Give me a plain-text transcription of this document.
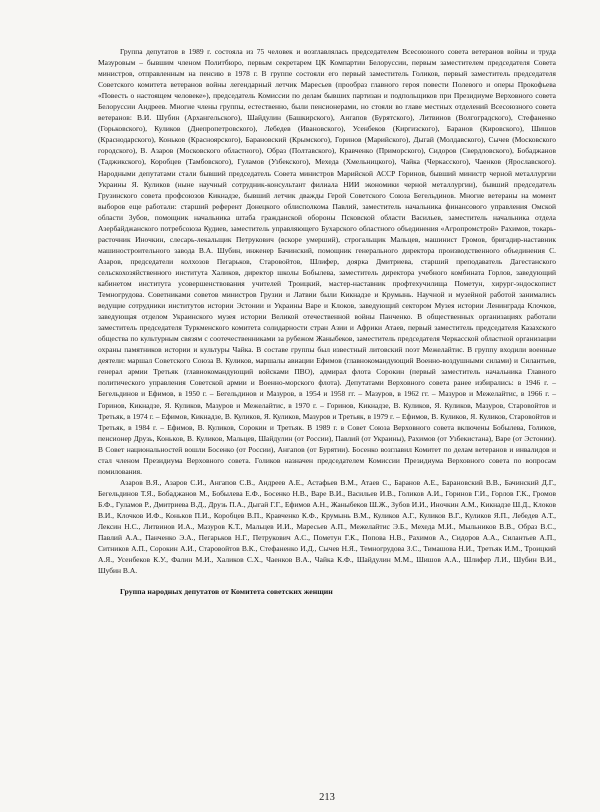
Группа депутатов в 1989 г. состояла из 75 человек и возглавлялась председателем Всесоюзного совета ветеранов войны и труда Мазуровым – бывшим членом Политбюро, первым секретарем ЦК Компартии Белоруссии, первым заместителем председателя Совета министров, отправленным на пенсию в 1978 г. В группе состояли его первый заместитель Голиков, первый заместитель председателя Советского комитета ветеранов войны легендарный летчик Маресьев (прообраз главного героя повести Полевого и оперы Прокофьева «Повесть о настоящем человеке»), председатель Комиссии по делам бывших партизан и подпольщиков при Президиуме Верховного совета Белоруссии Андреев. Многие члены группы, естественно, были пенсионерами, но стояли во главе местных отделений Всесоюзного совета ветеранов: В.И. Шубин (Архангельского), Шайдулин (Башкирского), Ангапов (Бурятского), Литвинов (Волгоградского), Стефаненко (Горьковского), Куликов (Днепропетровского), Лебедев (Ивановского), Усенбеков (Киргизского), Баранов (Кировского), Шишов (Краснодарского), Коньков (Красноярского), Барановский (Крымского), Горинов (Марийского), Дыгай (Молдавского), Сычев (Московского городского), В. Азаров (Московского областного), Образ (Полтавского), Кравченко (Приморского), Сидоров (Свердловского), Бобаджанов (Таджикского), Коробцев (Тамбовского), Гуламов (Узбекского), Мехеда (Хмельницкого), Чайка (Черкасского), Чаенков (Ярославского). Народными депутатами стали бывший председатель Совета министров Марийской АССР Горинов, бывший министр черной металлургии Украины Я. Куликов (ныне научный сотрудник-консультант филиала НИИ экономики черной металлургии), бывший председатель Грузинского совета профсоюзов Кикнадзе, бывший летчик дважды Герой Советского Союза Бегельдинов. Многие ветераны на момент выборов еще работали: старший референт Донецкого облисполкома Павлий, заместитель начальника финансового управления Омской области Зубов, помощник начальника штаба гражданской обороны Псковской области Васильев, заместитель начальника отдела Азербайджанского потребсоюза Кудиев, заместитель управляющего Бухарского областного объединения «Агропромстрой» Рахимов, токарь-расточник Иночкин, слесарь-лекальщик Петрукович (вскоре умерший), строгальщик Мальцев, машинист Громов, бригадир-наставник машиностроительного завода В.А. Шубин, инженер Бачинский, помощник генерального директора производственного объединения С. Азаров, председатели колхозов Пегарьков, Старовойтов, Шлифер, доярка Дмитриева, старший преподаватель Дагестанского сельскохозяйственного института Халиков, директор школы Бобылева, заместитель директора учебного комбината Горлов, заведующий кабинетом института усовершенствования учителей Троицкий, мастер-наставник профтехучилища Пометун, хирург-эндоскопист Темногрудова. Советниками советов министров Грузии и Латвии были Кикнадзе и Крумынь. Научной и музейной работой занимались ведущие сотрудники институтов истории Эстонии и Украины Варе и Клоков, заведующий сектором Музея истории Ленинграда Клочков, заведующая отделом Украинского музея истории Великой отечественной войны Панченко. В общественных организациях работали заместитель председателя Туркменского комитета солидарности стран Азии и Африки Атаев, первый заместитель председателя Казахского общества по культурным связям с соотечественниками за рубежом Жаныбеков, заместитель председателя Черкасской областной организации охраны памятников истории и культуры Чайка. В составе группы был известный литовский поэт Межелайтис. В группу входили военные деятели: маршал Советского Союза В. Куликов, маршалы авиации Ефимов (главнокомандующий Военно-воздушными силами) и Силантьев, генерал армии Третьяк (главнокомандующий войсками ПВО), адмирал флота Сорокин (первый заместитель начальника Главного политического управления Советской армии и Военно-морского флота). Депутатами Верховного совета ранее избирались: в 1946 г. – Бегельдинов и Ефимов, в 1950 г. – Бегельдинов и Мазуров, в 1954 и 1958 гг. – Мазуров, в 1962 гг. – Мазуров и Межелайтис, в 1966 г. – Горинов, Кикнадзе, Я. Куликов, Мазуров и Межелайтис, в 1970 г. – Горинов, Кикнадзе, В. Куликов, Я. Куликов, Мазуров, Старовойтов и Третьяк, в 1974 г. – Ефимов, Кикнадзе, В. Куликов, Я. Куликов, Мазуров и Третьяк, в 1979 г. – Ефимов, В. Куликов, Я. Куликов, Старовойтов и Третьяк, в 1984 г. – Ефимов, В. Куликов, Сорокин и Третьяк. В 1989 г. в Совет Союза Верховного совета включены Бобылева, Голиков, пенсионер Друзь, Коньков, В. Куликов, Мальцев, Шайдулин (от России), Павлий (от Украины), Рахимов (от Узбекистана), Варе (от Эстонии). В Совет национальностей вошли Босенко (от России), Ангапов (от Бурятии). Босенко возглавил Комитет по делам ветеранов и инвалидов и стал членом Президиума Верховного совета. Голиков назначен председателем Комиссии Президиума Верховного совета по вопросам помилования.

Азаров В.Я., Азаров С.И., Ангапов С.В., Андреев А.Е., Астафьев В.М., Атаев С., Баранов А.Е., Барановский В.В., Бачинский Д.Г., Бегельдинов Т.Я., Бобаджанов М., Бобылева Е.Ф., Босенко Н.В., Варе В.И., Васильев И.В., Голиков А.И., Горинов Г.И., Горлов Г.К., Громов Б.Ф., Гуламов Р., Дмитриева В.Д., Друзь П.А., Дыгай Г.Г., Ефимов А.Н., Жаныбеков Ш.Ж., Зубов И.И., Иночкин А.М., Кикнадзе Ш.Д., Клоков В.И., Клочков И.Ф., Коньков П.И., Коробцев В.П., Кравченко К.Ф., Крумынь В.М., Куликов А.Г., Куликов В.Г., Куликов Я.П., Лебедев А.Т., Лексин Н.С., Литвинов И.А., Мазуров К.Т., Мальцев И.И., Маресьев А.П., Межелайтис Э.Б., Мехеда М.И., Мыльников В.В., Образ В.С., Павлий А.А., Панченко Э.А., Пегарьков Н.Г., Петрукович А.С., Пометун Г.К., Попова Н.В., Рахимов А., Сидоров А.А., Силантьев А.П., Ситников А.П., Сорокин А.И., Старовойтов В.К., Стефаненко И.Д., Сычев Н.Я., Темногрудова З.С., Тимашова Н.И., Третьяк И.М., Троицкий А.Я., Усенбеков К.У., Фалин М.И., Халиков С.Х., Чаенков В.А., Чайка К.Ф., Шайдулин М.М., Шишов А.А., Шлифер Л.И., Шубин В.И., Шубин В.А.

Группа народных депутатов от Комитета советских женщин

213
